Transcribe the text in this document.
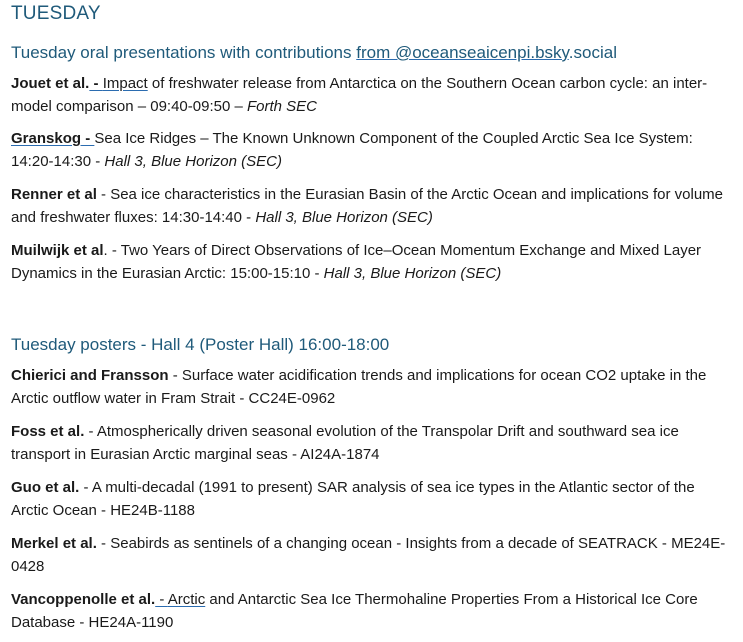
TUESDAY
Tuesday oral presentations with contributions from @oceanseaicenpi.bsky.social
Jouet et al. - Impact of freshwater release from Antarctica on the Southern Ocean carbon cycle: an inter-model comparison – 09:40-09:50 – Forth SEC
Granskog - Sea Ice Ridges – The Known Unknown Component of the Coupled Arctic Sea Ice System: 14:20-14:30 - Hall 3, Blue Horizon (SEC)
Renner et al - Sea ice characteristics in the Eurasian Basin of the Arctic Ocean and implications for volume and freshwater fluxes: 14:30-14:40 - Hall 3, Blue Horizon (SEC)
Muilwijk et al. - Two Years of Direct Observations of Ice–Ocean Momentum Exchange and Mixed Layer Dynamics in the Eurasian Arctic: 15:00-15:10 - Hall 3, Blue Horizon (SEC)
Tuesday posters - Hall 4 (Poster Hall) 16:00-18:00
Chierici and Fransson - Surface water acidification trends and implications for ocean CO2 uptake in the Arctic outflow water in Fram Strait - CC24E-0962
Foss et al. - Atmospherically driven seasonal evolution of the Transpolar Drift and southward sea ice transport in Eurasian Arctic marginal seas - AI24A-1874
Guo et al. - A multi-decadal (1991 to present) SAR analysis of sea ice types in the Atlantic sector of the Arctic Ocean - HE24B-1188
Merkel et al. - Seabirds as sentinels of a changing ocean - Insights from a decade of SEATRACK - ME24E-0428
Vancoppenolle et al. - Arctic and Antarctic Sea Ice Thermohaline Properties From a Historical Ice Core Database - HE24A-1190
